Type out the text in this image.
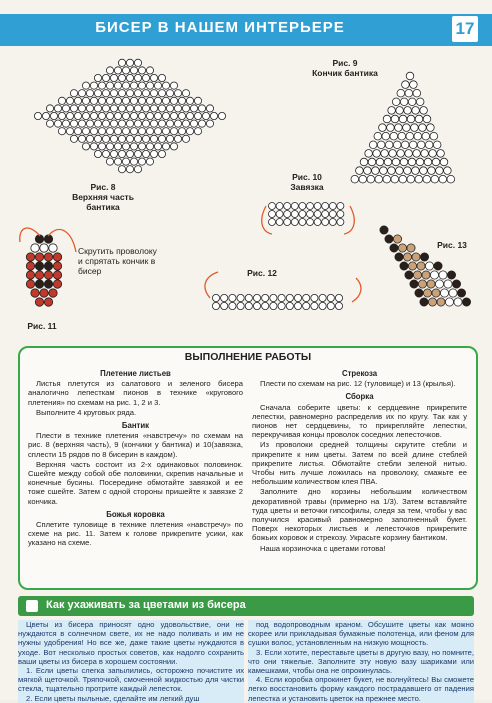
БИСЕР В НАШЕМ ИНТЕРЬЕРЕ	17
Рис. 8
Верхняя часть бантика
Рис. 9
Кончик бантика
Рис. 10
Завязка
Скрутить проволоку и спрятать кончик в бисер
Рис. 11
Рис. 12
Рис. 13
ВЫПОЛНЕНИЕ РАБОТЫ
Плетение листьев

Листья плетутся из салатового и зеленого бисера аналогично лепесткам пионов в технике «кругового плетения» по схемам на рис. 1, 2 и 3.

Выполните 4 круговых ряда.

Бантик

Плести в технике плетения «навстречу» по схемам на рис. 8 (верхняя часть), 9 (кончики у бантика) и 10(завязка, сплести 15 рядов по 8 бисерин в каждом).

Верхняя часть состоит из 2-х одинаковых половинок. Сшейте между собой обе половинки, скрепив начальные и конечные бусины. Посередине обмотайте завязкой и ее тоже сшейте. Затем с одной стороны пришейте к завязке 2 кончика.

Божья коровка

Сплетите туловище в технике плетения «навстречу» по схеме на рис. 11. Затем к голове прикрепите усики, как указано на схеме.

Стрекоза

Плести по схемам на рис. 12 (туловище) и 13 (крылья).

Сборка

Сначала соберите цветы: к сердцевине прикрепите лепестки, равномерно распределив их по кругу. Так как у пионов нет сердцевины, то прикрепляйте лепестки, перекручивая концы проволок соседних лепесточков.

Из проволоки средней толщины скрутите стебли и прикрепите к ним цветы. Затем по всей длине стеблей прикрепите листья. Обмотайте стебли зеленой нитью. Чтобы нить лучше ложилась на проволоку, смажьте ее небольшим количеством клея ПВА.

Заполните дно корзины небольшим количеством декоративной травы (примерно на 1/3). Затем вставляйте туда цветы и веточки гипсофилы, следя за тем, чтобы у вас получился красивый равномерно заполненный букет. Поверх некоторых листьев и лепесточков прикрепите божьих коровок и стрекозу. Украсьте корзину бантиком.

Наша корзиночка с цветами готова!

Как ухаживать за цветами из бисера

Цветы из бисера приносят одно удовольствие, они не нуждаются в солнечном свете, их не надо поливать и им не нужны удобрения! Но все же, даже такие цветы нуждаются в уходе. Вот несколько простых советов, как надолго сохранить ваши цветы из бисера в хорошем состоянии.

1. Если цветы слегка запылились, осторожно почистите их мягкой щеточкой. Тряпочкой, смоченной жидкостью для чистки стекла, тщательно протрите каждый лепесток.

2. Если цветы пыльные, сделайте им легкий душ

под водопроводным краном. Обсушите цветы как можно скорее или прикладывая бумажные полотенца, или феном для сушки волос, установленным на низкую мощность.

3. Если хотите, переставьте цветы в другую вазу, но помните, что они тяжелые. Заполните эту новую вазу шариками или камешками, чтобы она не опрокинулась.

4. Если коробка опрокинет букет, не волнуйтесь! Вы сможете легко восстановить форму каждого пострадавшего от падения лепестка и установить цветок на прежнее место.
